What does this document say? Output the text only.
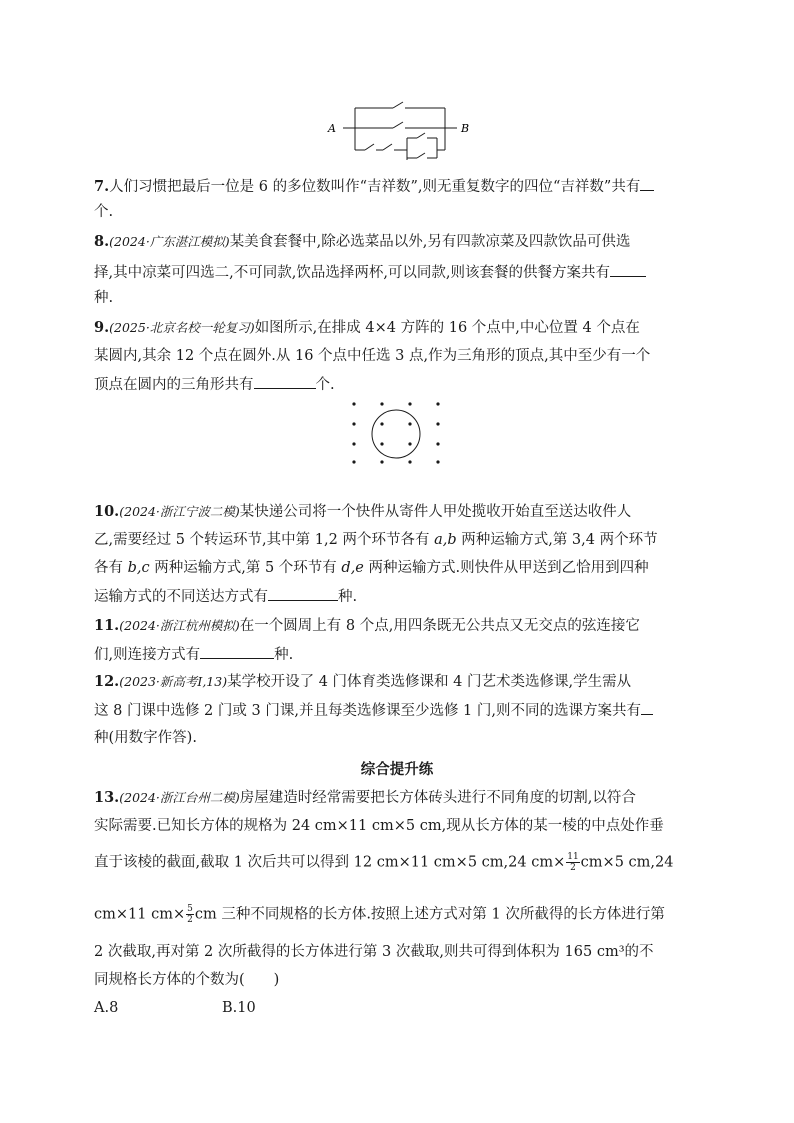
A	B
7.人们习惯把最后一位是 6 的多位数叫作“吉祥数”,则无重复数字的四位“吉祥数”共有
个.
8.(2024·广东湛江模拟)某美食套餐中,除必选菜品以外,另有四款凉菜及四款饮品可供选
择,其中凉菜可四选二,不可同款,饮品选择两杯,可以同款,则该套餐的供餐方案共有
种.
9.(2025·北京名校一轮复习)如图所示,在排成 4×4 方阵的 16 个点中,中心位置 4 个点在
某圆内,其余 12 个点在圆外.从 16 个点中任选 3 点,作为三角形的顶点,其中至少有一个
顶点在圆内的三角形共有	个.
10.(2024·浙江宁波二模)某快递公司将一个快件从寄件人甲处揽收开始直至送达收件人
乙,需要经过 5 个转运环节,其中第 1,2 两个环节各有 a,b 两种运输方式,第 3,4 两个环节
各有 b,c 两种运输方式,第 5 个环节有 d,e 两种运输方式.则快件从甲送到乙恰用到四种
运输方式的不同送达方式有	种.
11.(2024·浙江杭州模拟)在一个圆周上有 8 个点,用四条既无公共点又无交点的弦连接它
们,则连接方式有	种.
12.(2023·新高考Ⅰ,13)某学校开设了 4 门体育类选修课和 4 门艺术类选修课,学生需从
这 8 门课中选修 2 门或 3 门课,并且每类选修课至少选修 1 门,则不同的选课方案共有
种(用数字作答).
综合提升练
13.(2024·浙江台州二模)房屋建造时经常需要把长方体砖头进行不同角度的切割,以符合
实际需要.已知长方体的规格为 24 cm×11 cm×5 cm,现从长方体的某一棱的中点处作垂
直于该棱的截面,截取 1 次后共可以得到 12 cm×11 cm×5 cm,24 $cm\times \frac{11}{2} cm\times 5$ cm,24
cm×11 $cm\times \frac{5}{2}$ cm 三种不同规格的长方体.按照上述方式对第 1 次所截得的长方体进行第
2 次截取,再对第 2 次所截得的长方体进行第 3 次截取,则共可得到体积为 165 cm³的不
同规格长方体的个数为(　　)
A.8	B.10
